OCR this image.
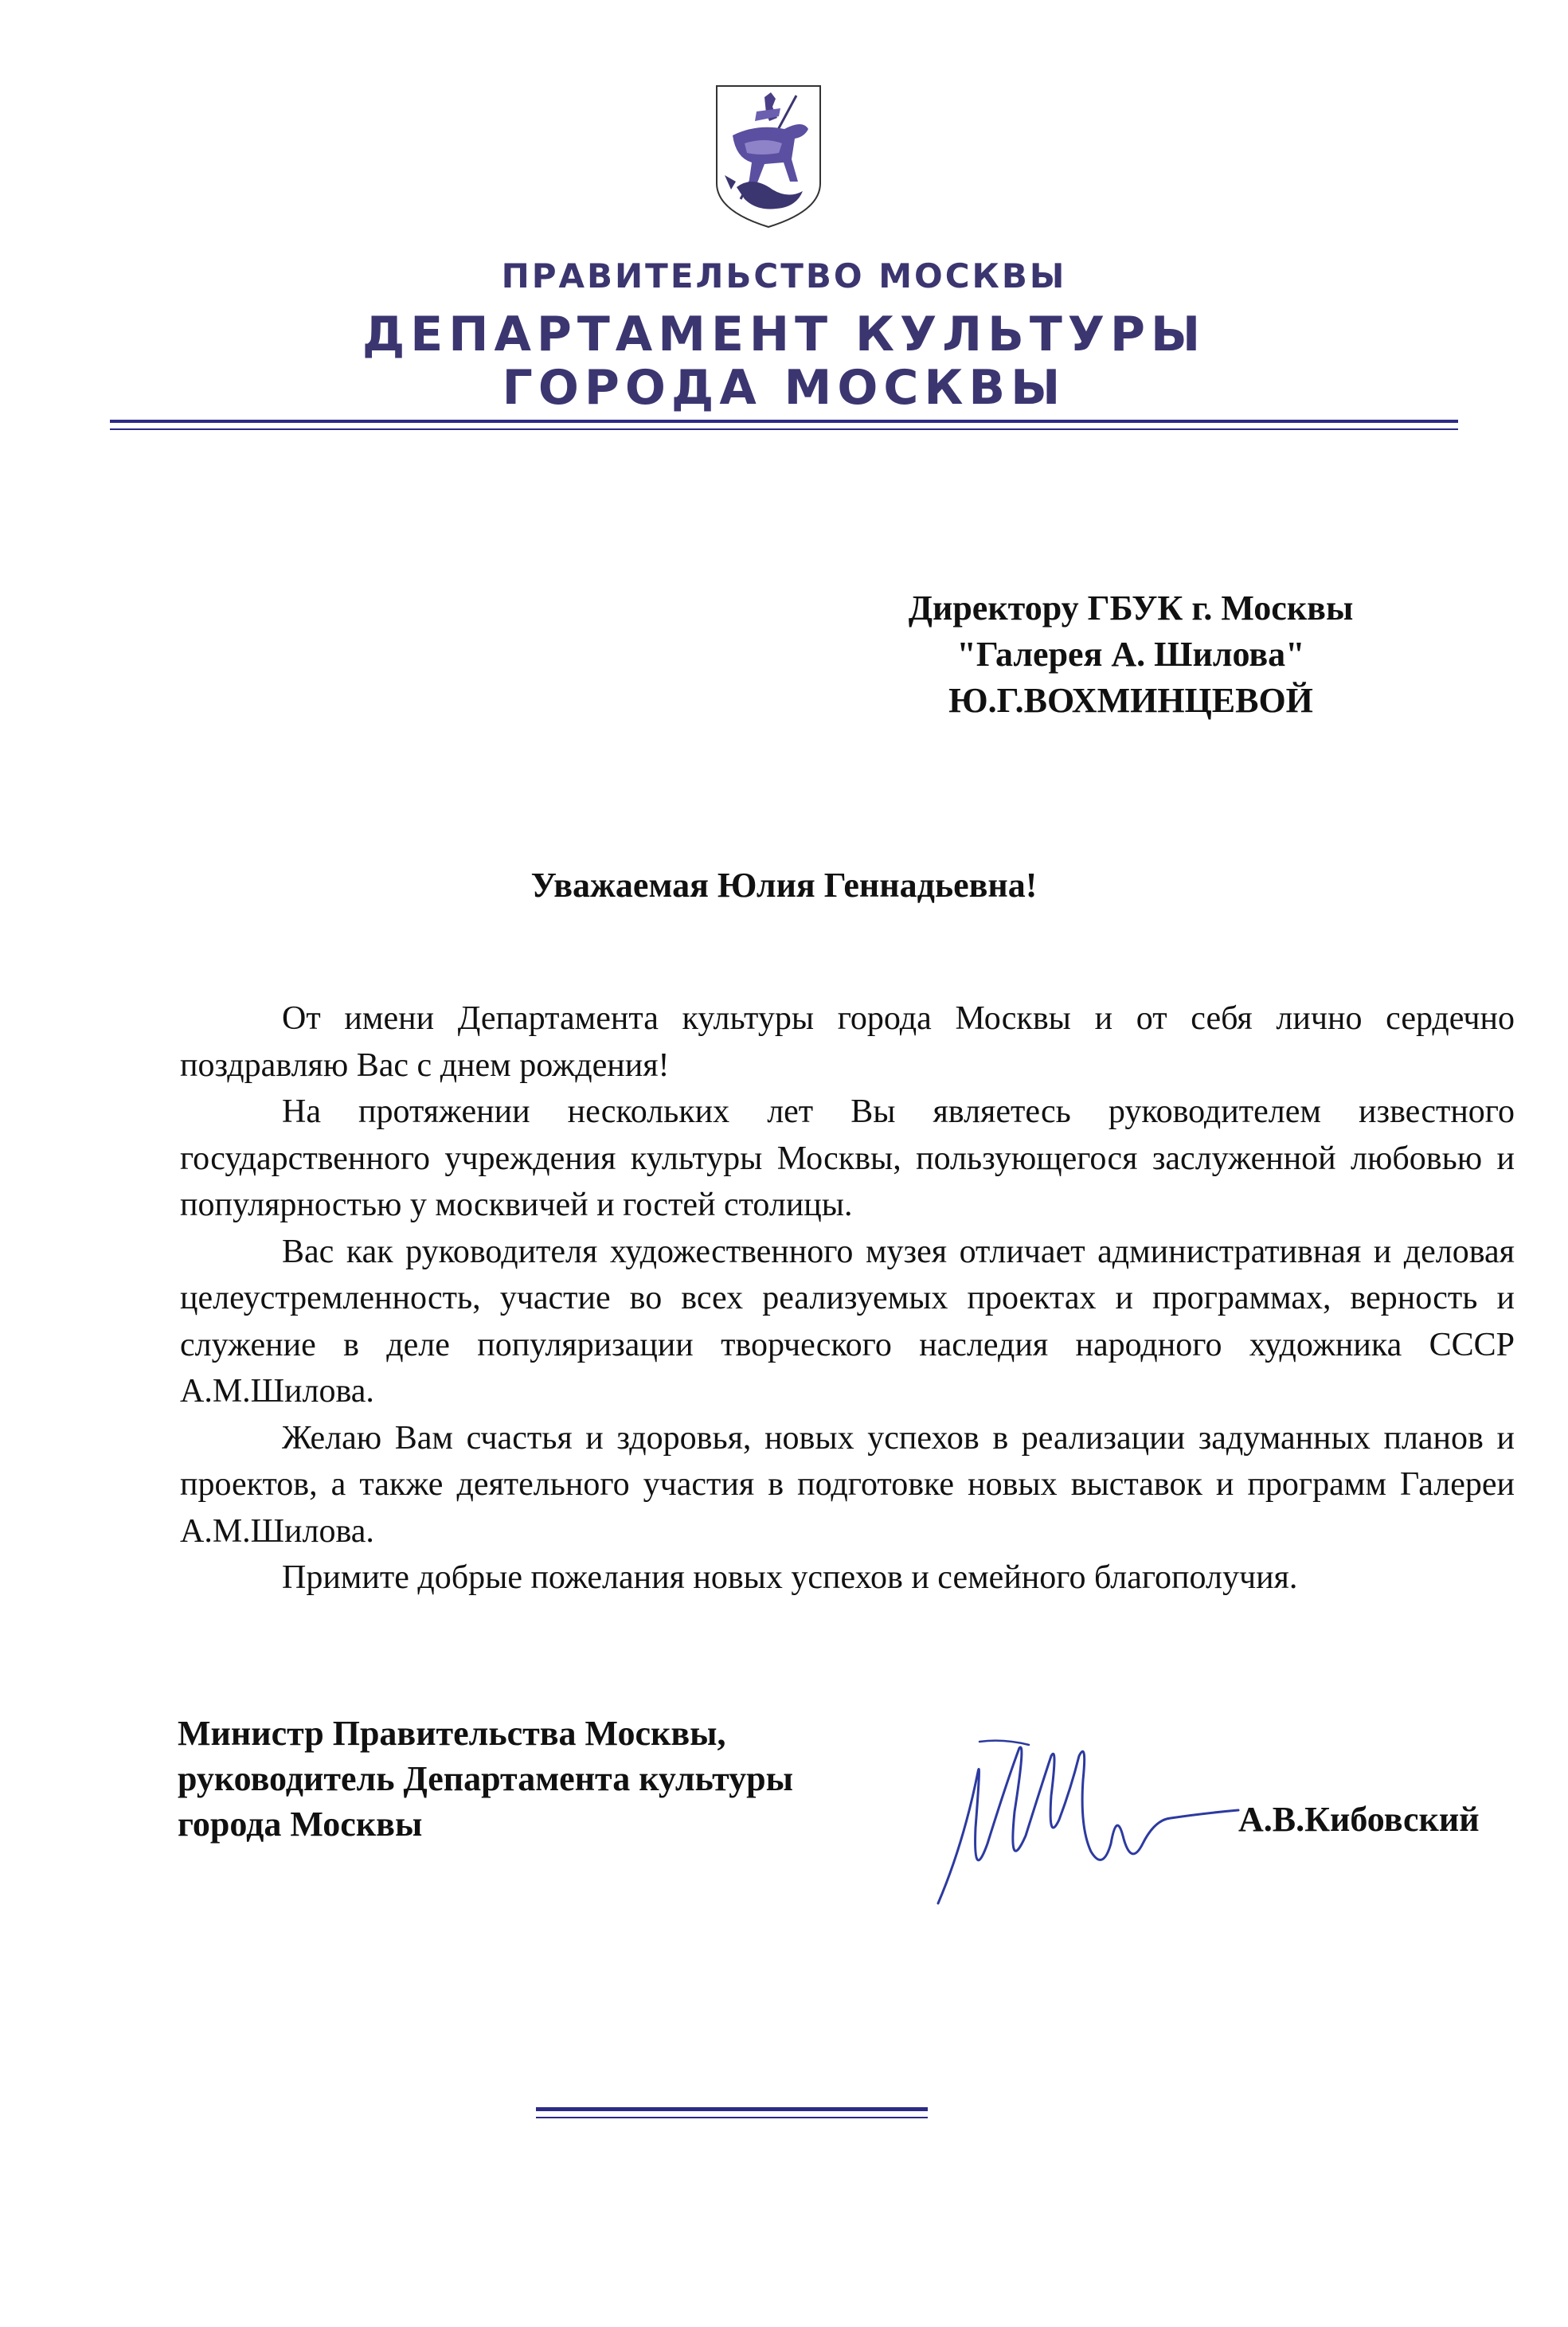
ПРАВИТЕЛЬСТВО МОСКВЫ
ДЕПАРТАМЕНТ КУЛЬТУРЫ
ГОРОДА МОСКВЫ
Директору ГБУК г. Москвы
"Галерея А. Шилова"
Ю.Г.ВОХМИНЦЕВОЙ
Уважаемая Юлия Геннадьевна!

От имени Департамента культуры города Москвы и от себя лично сердечно поздравляю Вас с днем рождения!

На протяжении нескольких лет Вы являетесь руководителем известного государственного учреждения культуры Москвы, пользующегося заслуженной любовью и популярностью у москвичей и гостей столицы.

Вас как руководителя художественного музея отличает административная и деловая целеустремленность, участие во всех реализуемых проектах и программах, верность и служение в деле популяризации творческого наследия народного художника СССР А.М.Шилова.

Желаю Вам счастья и здоровья, новых успехов в реализации задуманных планов и проектов, а также деятельного участия в подготовке новых выставок и программ Галереи А.М.Шилова.

Примите добрые пожелания новых успехов и семейного благополучия.

Министр Правительства Москвы,
руководитель Департамента культуры
города Москвы	А.В.Кибовский
